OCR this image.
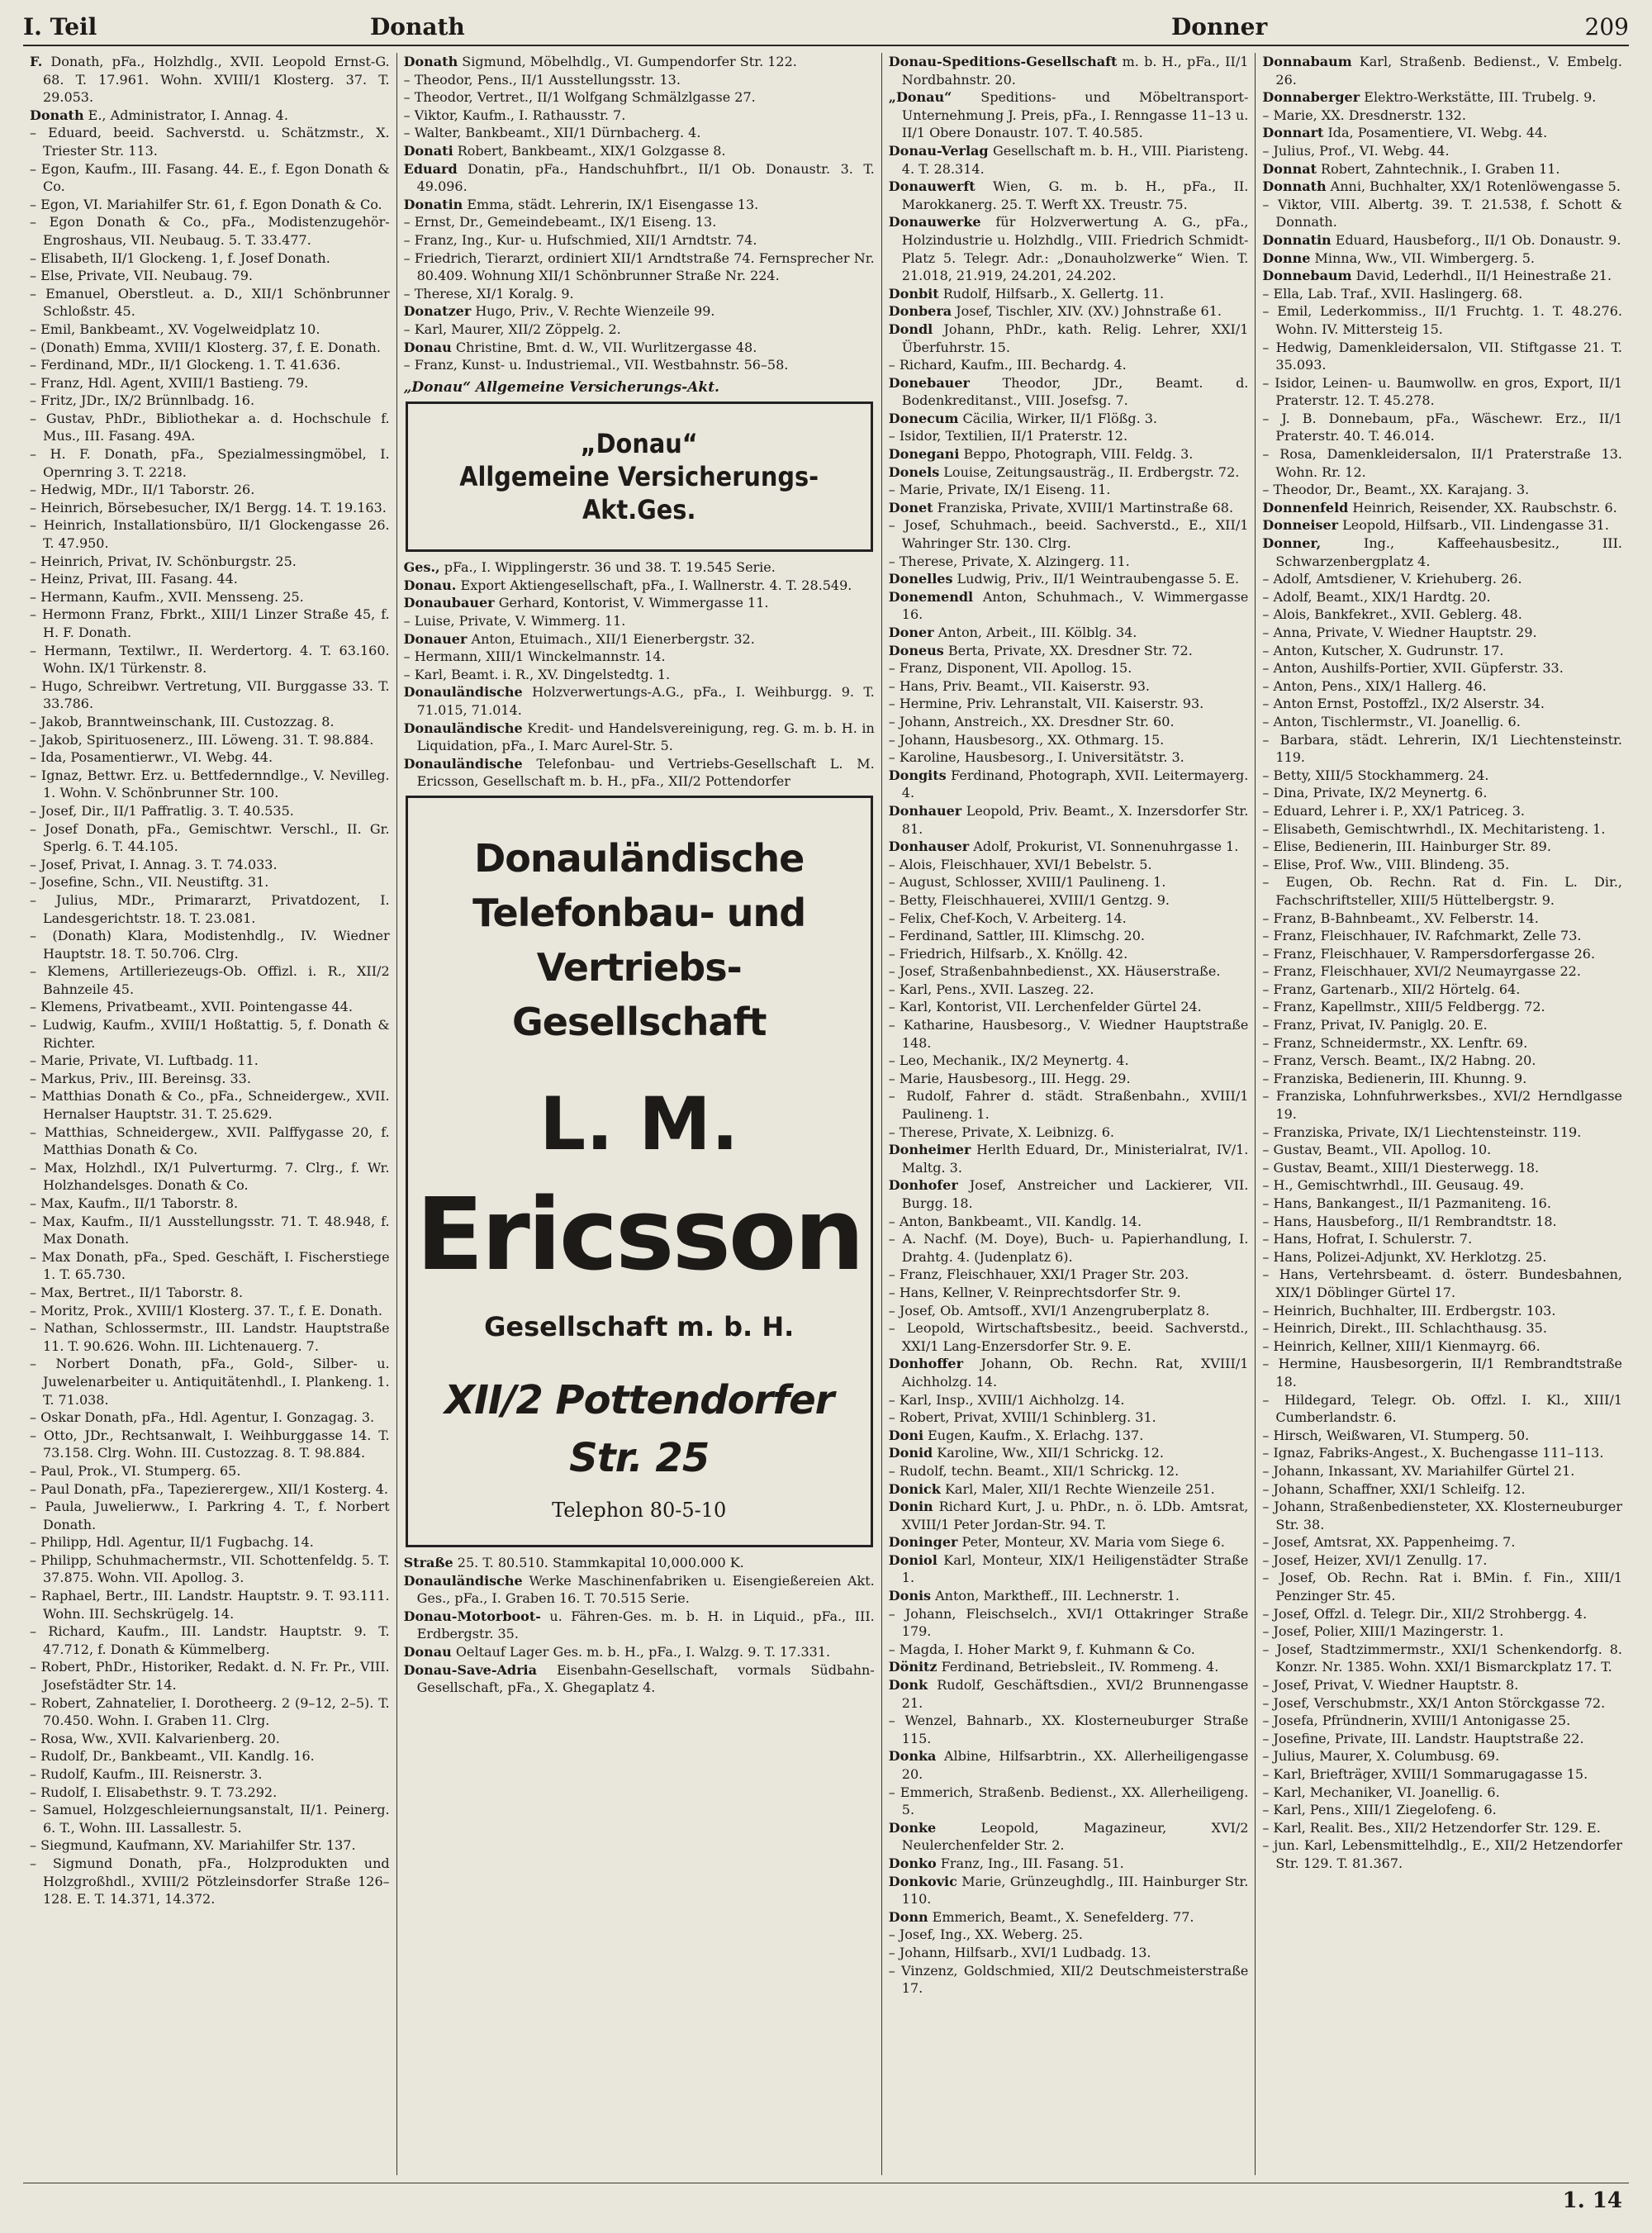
I. Teil	Donath	Donner	209

F. Donath, pFa., Holzhdlg., XVII. Leopold Ernst-G. 68. T. 17.961. Wohn. XVIII/1 Klosterg. 37. T. 29.053.

Donath E., Administrator, I. Annag. 4.

– Eduard, beeid. Sachverstd. u. Schätzmstr., X. Triester Str. 113.

– Egon, Kaufm., III. Fasang. 44. E., f. Egon Donath & Co.

– Egon, VI. Mariahilfer Str. 61, f. Egon Donath & Co.

– Egon Donath & Co., pFa., Modistenzugehör-Engroshaus, VII. Neubaug. 5. T. 33.477.

– Elisabeth, II/1 Glockeng. 1, f. Josef Donath.

– Else, Private, VII. Neubaug. 79.

– Emanuel, Oberstleut. a. D., XII/1 Schönbrunner Schloßstr. 45.

– Emil, Bankbeamt., XV. Vogelweidplatz 10.

– (Donath) Emma, XVIII/1 Klosterg. 37, f. E. Donath.

– Ferdinand, MDr., II/1 Glockeng. 1. T. 41.636.

– Franz, Hdl. Agent, XVIII/1 Bastieng. 79.

– Fritz, JDr., IX/2 Brünnlbadg. 16.

– Gustav, PhDr., Bibliothekar a. d. Hochschule f. Mus., III. Fasang. 49A.

– H. F. Donath, pFa., Spezialmessingmöbel, I. Opernring 3. T. 2218.

– Hedwig, MDr., II/1 Taborstr. 26.

– Heinrich, Börsebesucher, IX/1 Bergg. 14. T. 19.163.

– Heinrich, Installationsbüro, II/1 Glockengasse 26. T. 47.950.

– Heinrich, Privat, IV. Schönburgstr. 25.

– Heinz, Privat, III. Fasang. 44.

– Hermann, Kaufm., XVII. Mensseng. 25.

– Hermonn Franz, Fbrkt., XIII/1 Linzer Straße 45, f. H. F. Donath.

– Hermann, Textilwr., II. Werdertorg. 4. T. 63.160. Wohn. IX/1 Türkenstr. 8.

– Hugo, Schreibwr. Vertretung, VII. Burggasse 33. T. 33.786.

– Jakob, Branntweinschank, III. Custozzag. 8.

– Jakob, Spirituosenerz., III. Löweng. 31. T. 98.884.

– Ida, Posamentierwr., VI. Webg. 44.

– Ignaz, Bettwr. Erz. u. Bettfedernndlge., V. Nevilleg. 1. Wohn. V. Schönbrunner Str. 100.

– Josef, Dir., II/1 Paffratlig. 3. T. 40.535.

– Josef Donath, pFa., Gemischtwr. Verschl., II. Gr. Sperlg. 6. T. 44.105.

– Josef, Privat, I. Annag. 3. T. 74.033.

– Josefine, Schn., VII. Neustiftg. 31.

– Julius, MDr., Primararzt, Privatdozent, I. Landesgerichtstr. 18. T. 23.081.

– (Donath) Klara, Modistenhdlg., IV. Wiedner Hauptstr. 18. T. 50.706. Clrg.

– Klemens, Artilleriezeugs-Ob. Offizl. i. R., XII/2 Bahnzeile 45.

– Klemens, Privatbeamt., XVII. Pointengasse 44.

– Ludwig, Kaufm., XVIII/1 Hoßtattig. 5, f. Donath & Richter.

– Marie, Private, VI. Luftbadg. 11.

– Markus, Priv., III. Bereinsg. 33.

– Matthias Donath & Co., pFa., Schneidergew., XVII. Hernalser Hauptstr. 31. T. 25.629.

– Matthias, Schneidergew., XVII. Palffygasse 20, f. Matthias Donath & Co.

– Max, Holzhdl., IX/1 Pulverturmg. 7. Clrg., f. Wr. Holzhandelsges. Donath & Co.

– Max, Kaufm., II/1 Taborstr. 8.

– Max, Kaufm., II/1 Ausstellungsstr. 71. T. 48.948, f. Max Donath.

– Max Donath, pFa., Sped. Geschäft, I. Fischerstiege 1. T. 65.730.

– Max, Bertret., II/1 Taborstr. 8.

– Moritz, Prok., XVIII/1 Klosterg. 37. T., f. E. Donath.

– Nathan, Schlossermstr., III. Landstr. Hauptstraße 11. T. 90.626. Wohn. III. Lichtenauerg. 7.

– Norbert Donath, pFa., Gold-, Silber- u. Juwelenarbeiter u. Antiquitätenhdl., I. Plankeng. 1. T. 71.038.

– Oskar Donath, pFa., Hdl. Agentur, I. Gonzagag. 3.

– Otto, JDr., Rechtsanwalt, I. Weihburggasse 14. T. 73.158. Clrg. Wohn. III. Custozzag. 8. T. 98.884.

– Paul, Prok., VI. Stumperg. 65.

– Paul Donath, pFa., Tapezierergew., XII/1 Kosterg. 4.

– Paula, Juwelierww., I. Parkring 4. T., f. Norbert Donath.

– Philipp, Hdl. Agentur, II/1 Fugbachg. 14.

– Philipp, Schuhmachermstr., VII. Schottenfeldg. 5. T. 37.875. Wohn. VII. Apollog. 3.

– Raphael, Bertr., III. Landstr. Hauptstr. 9. T. 93.111. Wohn. III. Sechskrügelg. 14.

– Richard, Kaufm., III. Landstr. Hauptstr. 9. T. 47.712, f. Donath & Kümmelberg.

– Robert, PhDr., Historiker, Redakt. d. N. Fr. Pr., VIII. Josefstädter Str. 14.

– Robert, Zahnatelier, I. Dorotheerg. 2 (9–12, 2–5). T. 70.450. Wohn. I. Graben 11. Clrg.

– Rosa, Ww., XVII. Kalvarienberg. 20.

– Rudolf, Dr., Bankbeamt., VII. Kandlg. 16.

– Rudolf, Kaufm., III. Reisnerstr. 3.

– Rudolf, I. Elisabethstr. 9. T. 73.292.

– Samuel, Holzgeschleiernungsanstalt, II/1. Peinerg. 6. T., Wohn. III. Lassallestr. 5.

– Siegmund, Kaufmann, XV. Mariahilfer Str. 137.

– Sigmund Donath, pFa., Holzprodukten und Holzgroßhdl., XVIII/2 Pötzleinsdorfer Straße 126–128. E. T. 14.371, 14.372.

Donath Sigmund, Möbelhdlg., VI. Gumpendorfer Str. 122.

– Theodor, Pens., II/1 Ausstellungsstr. 13.

– Theodor, Vertret., II/1 Wolfgang Schmälzlgasse 27.

– Viktor, Kaufm., I. Rathausstr. 7.

– Walter, Bankbeamt., XII/1 Dürnbacherg. 4.

Donati Robert, Bankbeamt., XIX/1 Golzgasse 8.

Eduard Donatin, pFa., Handschuhfbrt., II/1 Ob. Donaustr. 3. T. 49.096.

Donatin Emma, städt. Lehrerin, IX/1 Eisengasse 13.

– Ernst, Dr., Gemeindebeamt., IX/1 Eiseng. 13.

– Franz, Ing., Kur- u. Hufschmied, XII/1 Arndtstr. 74.

– Friedrich, Tierarzt, ordiniert XII/1 Arndtstraße 74. Fernsprecher Nr. 80.409. Wohnung XII/1 Schönbrunner Straße Nr. 224.

– Therese, XI/1 Koralg. 9.

Donatzer Hugo, Priv., V. Rechte Wienzeile 99.

– Karl, Maurer, XII/2 Zöppelg. 2.

Donau Christine, Bmt. d. W., VII. Wurlitzergasse 48.

– Franz, Kunst- u. Industriemal., VII. Westbahnstr. 56–58.

„Donau“ Allgemeine Versicherungs-Akt.
„Donau“
Allgemeine Versicherungs-
Akt.Ges.

Ges., pFa., I. Wipplingerstr. 36 und 38. T. 19.545 Serie.

Donau. Export Aktiengesellschaft, pFa., I. Wallnerstr. 4. T. 28.549.

Donaubauer Gerhard, Kontorist, V. Wimmergasse 11.

– Luise, Private, V. Wimmerg. 11.

Donauer Anton, Etuimach., XII/1 Eienerbergstr. 32.

– Hermann, XIII/1 Winckelmannstr. 14.

– Karl, Beamt. i. R., XV. Dingelstedtg. 1.

Donauländische Holzverwertungs-A.G., pFa., I. Weihburgg. 9. T. 71.015, 71.014.

Donauländische Kredit- und Handelsvereinigung, reg. G. m. b. H. in Liquidation, pFa., I. Marc Aurel-Str. 5.

Donauländische Telefonbau- und Vertriebs-Gesellschaft L. M. Ericsson, Gesellschaft m. b. H., pFa., XII/2 Pottendorfer

Donauländische
Telefonbau- und
Vertriebs-Gesellschaft
L. M.
Ericsson
Gesellschaft m. b. H.
XII/2 Pottendorfer Str. 25
Telephon 80-5-10

Straße 25. T. 80.510. Stammkapital 10,000.000 K.

Donauländische Werke Maschinenfabriken u. Eisengießereien Akt. Ges., pFa., I. Graben 16. T. 70.515 Serie.

Donau-Motorboot- u. Fähren-Ges. m. b. H. in Liquid., pFa., III. Erdbergstr. 35.

Donau Oeltauf Lager Ges. m. b. H., pFa., I. Walzg. 9. T. 17.331.

Donau-Save-Adria Eisenbahn-Gesellschaft, vormals Südbahn-Gesellschaft, pFa., X. Ghegaplatz 4.

Donau-Speditions-Gesellschaft m. b. H., pFa., II/1 Nordbahnstr. 20.

„Donau“ Speditions- und Möbeltransport-Unternehmung J. Preis, pFa., I. Renngasse 11–13 u. II/1 Obere Donaustr. 107. T. 40.585.

Donau-Verlag Gesellschaft m. b. H., VIII. Piaristeng. 4. T. 28.314.

Donauwerft Wien, G. m. b. H., pFa., II. Marokkanerg. 25. T. Werft XX. Treustr. 75.

Donauwerke für Holzverwertung A. G., pFa., Holzindustrie u. Holzhdlg., VIII. Friedrich Schmidt-Platz 5. Telegr. Adr.: „Donauholzwerke“ Wien. T. 21.018, 21.919, 24.201, 24.202.

Donbit Rudolf, Hilfsarb., X. Gellertg. 11.

Donbera Josef, Tischler, XIV. (XV.) Johnstraße 61.

Dondl Johann, PhDr., kath. Relig. Lehrer, XXI/1 Überfuhrstr. 15.

– Richard, Kaufm., III. Bechardg. 4.

Donebauer Theodor, JDr., Beamt. d. Bodenkreditanst., VIII. Josefsg. 7.

Donecum Cäcilia, Wirker, II/1 Flößg. 3.

– Isidor, Textilien, II/1 Praterstr. 12.

Donegani Beppo, Photograph, VIII. Feldg. 3.

Donels Louise, Zeitungsausträg., II. Erdbergstr. 72.

– Marie, Private, IX/1 Eiseng. 11.

Donet Franziska, Private, XVIII/1 Martinstraße 68.

– Josef, Schuhmach., beeid. Sachverstd., E., XII/1 Wahringer Str. 130. Clrg.

– Therese, Private, X. Alzingerg. 11.

Donelles Ludwig, Priv., II/1 Weintraubengasse 5. E.

Donemendl Anton, Schuhmach., V. Wimmergasse 16.

Doner Anton, Arbeit., III. Kölblg. 34.

Doneus Berta, Private, XX. Dresdner Str. 72.

– Franz, Disponent, VII. Apollog. 15.

– Hans, Priv. Beamt., VII. Kaiserstr. 93.

– Hermine, Priv. Lehranstalt, VII. Kaiserstr. 93.

– Johann, Anstreich., XX. Dresdner Str. 60.

– Johann, Hausbesorg., XX. Othmarg. 15.

– Karoline, Hausbesorg., I. Universitätstr. 3.

Dongits Ferdinand, Photograph, XVII. Leitermayerg. 4.

Donhauer Leopold, Priv. Beamt., X. Inzersdorfer Str. 81.

Donhauser Adolf, Prokurist, VI. Sonnenuhrgasse 1.

– Alois, Fleischhauer, XVI/1 Bebelstr. 5.

– August, Schlosser, XVIII/1 Paulineng. 1.

– Betty, Fleischhauerei, XVIII/1 Gentzg. 9.

– Felix, Chef-Koch, V. Arbeiterg. 14.

– Ferdinand, Sattler, III. Klimschg. 20.

– Friedrich, Hilfsarb., X. Knöllg. 42.

– Josef, Straßenbahnbedienst., XX. Häuserstraße.

– Karl, Pens., XVII. Laszeg. 22.

– Karl, Kontorist, VII. Lerchenfelder Gürtel 24.

– Katharine, Hausbesorg., V. Wiedner Hauptstraße 148.

– Leo, Mechanik., IX/2 Meynertg. 4.

– Marie, Hausbesorg., III. Hegg. 29.

– Rudolf, Fahrer d. städt. Straßenbahn., XVIII/1 Paulineng. 1.

– Therese, Private, X. Leibnizg. 6.

Donheimer Herlth Eduard, Dr., Ministerialrat, IV/1. Maltg. 3.

Donhofer Josef, Anstreicher und Lackierer, VII. Burgg. 18.

– Anton, Bankbeamt., VII. Kandlg. 14.

– A. Nachf. (M. Doye), Buch- u. Papierhandlung, I. Drahtg. 4. (Judenplatz 6).

– Franz, Fleischhauer, XXI/1 Prager Str. 203.

– Hans, Kellner, V. Reinprechtsdorfer Str. 9.

– Josef, Ob. Amtsoff., XVI/1 Anzengruberplatz 8.

– Leopold, Wirtschaftsbesitz., beeid. Sachverstd., XXI/1 Lang-Enzersdorfer Str. 9. E.

Donhoffer Johann, Ob. Rechn. Rat, XVIII/1 Aichholzg. 14.

– Karl, Insp., XVIII/1 Aichholzg. 14.

– Robert, Privat, XVIII/1 Schinblerg. 31.

Doni Eugen, Kaufm., X. Erlachg. 137.

Donid Karoline, Ww., XII/1 Schrickg. 12.

– Rudolf, techn. Beamt., XII/1 Schrickg. 12.

Donick Karl, Maler, XII/1 Rechte Wienzeile 251.

Donin Richard Kurt, J. u. PhDr., n. ö. LDb. Amtsrat, XVIII/1 Peter Jordan-Str. 94. T.

Doninger Peter, Monteur, XV. Maria vom Siege 6.

Doniol Karl, Monteur, XIX/1 Heiligenstädter Straße 1.

Donis Anton, Marktheff., III. Lechnerstr. 1.

– Johann, Fleischselch., XVI/1 Ottakringer Straße 179.

– Magda, I. Hoher Markt 9, f. Kuhmann & Co.

Dönitz Ferdinand, Betriebsleit., IV. Rommeng. 4.

Donk Rudolf, Geschäftsdien., XVI/2 Brunnengasse 21.

– Wenzel, Bahnarb., XX. Klosterneuburger Straße 115.

Donka Albine, Hilfsarbtrin., XX. Allerheiligengasse 20.

– Emmerich, Straßenb. Bedienst., XX. Allerheiligeng. 5.

Donke Leopold, Magazineur, XVI/2 Neulerchenfelder Str. 2.

Donko Franz, Ing., III. Fasang. 51.

Donkovic Marie, Grünzeughdlg., III. Hainburger Str. 110.

Donn Emmerich, Beamt., X. Senefelderg. 77.

– Josef, Ing., XX. Weberg. 25.

– Johann, Hilfsarb., XVI/1 Ludbadg. 13.

– Vinzenz, Goldschmied, XII/2 Deutschmeisterstraße 17.

Donnabaum Karl, Straßenb. Bedienst., V. Embelg. 26.

Donnaberger Elektro-Werkstätte, III. Trubelg. 9.

– Marie, XX. Dresdnerstr. 132.

Donnart Ida, Posamentiere, VI. Webg. 44.

– Julius, Prof., VI. Webg. 44.

Donnat Robert, Zahntechnik., I. Graben 11.

Donnath Anni, Buchhalter, XX/1 Rotenlöwengasse 5.

– Viktor, VIII. Albertg. 39. T. 21.538, f. Schott & Donnath.

Donnatin Eduard, Hausbeforg., II/1 Ob. Donaustr. 9.

Donne Minna, Ww., VII. Wimbergerg. 5.

Donnebaum David, Lederhdl., II/1 Heinestraße 21.

– Ella, Lab. Traf., XVII. Haslingerg. 68.

– Emil, Lederkommiss., II/1 Fruchtg. 1. T. 48.276. Wohn. IV. Mittersteig 15.

– Hedwig, Damenkleidersalon, VII. Stiftgasse 21. T. 35.093.

– Isidor, Leinen- u. Baumwollw. en gros, Export, II/1 Praterstr. 12. T. 45.278.

– J. B. Donnebaum, pFa., Wäschewr. Erz., II/1 Praterstr. 40. T. 46.014.

– Rosa, Damenkleidersalon, II/1 Praterstraße 13. Wohn. Rr. 12.

– Theodor, Dr., Beamt., XX. Karajang. 3.

Donnenfeld Heinrich, Reisender, XX. Raubschstr. 6.

Donneiser Leopold, Hilfsarb., VII. Lindengasse 31.

Donner, Ing., Kaffeehausbesitz., III. Schwarzenbergplatz 4.

– Adolf, Amtsdiener, V. Kriehuberg. 26.

– Adolf, Beamt., XIX/1 Hardtg. 20.

– Alois, Bankfekret., XVII. Geblerg. 48.

– Anna, Private, V. Wiedner Hauptstr. 29.

– Anton, Kutscher, X. Gudrunstr. 17.

– Anton, Aushilfs-Portier, XVII. Güpferstr. 33.

– Anton, Pens., XIX/1 Hallerg. 46.

– Anton Ernst, Postoffzl., IX/2 Alserstr. 34.

– Anton, Tischlermstr., VI. Joanellig. 6.

– Barbara, städt. Lehrerin, IX/1 Liechtensteinstr. 119.

– Betty, XIII/5 Stockhammerg. 24.

– Dina, Private, IX/2 Meynertg. 6.

– Eduard, Lehrer i. P., XX/1 Patriceg. 3.

– Elisabeth, Gemischtwrhdl., IX. Mechitaristeng. 1.

– Elise, Bedienerin, III. Hainburger Str. 89.

– Elise, Prof. Ww., VIII. Blindeng. 35.

– Eugen, Ob. Rechn. Rat d. Fin. L. Dir., Fachschriftsteller, XIII/5 Hüttelbergstr. 9.

– Franz, B-Bahnbeamt., XV. Felberstr. 14.

– Franz, Fleischhauer, IV. Rafchmarkt, Zelle 73.

– Franz, Fleischhauer, V. Rampersdorfergasse 26.

– Franz, Fleischhauer, XVI/2 Neumayrgasse 22.

– Franz, Gartenarb., XII/2 Hörtelg. 64.

– Franz, Kapellmstr., XIII/5 Feldbergg. 72.

– Franz, Privat, IV. Paniglg. 20. E.

– Franz, Schneidermstr., XX. Lenftr. 69.

– Franz, Versch. Beamt., IX/2 Habng. 20.

– Franziska, Bedienerin, III. Khunng. 9.

– Franziska, Lohnfuhrwerksbes., XVI/2 Herndlgasse 19.

– Franziska, Private, IX/1 Liechtensteinstr. 119.

– Gustav, Beamt., VII. Apollog. 10.

– Gustav, Beamt., XIII/1 Diesterwegg. 18.

– H., Gemischtwrhdl., III. Geusaug. 49.

– Hans, Bankangest., II/1 Pazmaniteng. 16.

– Hans, Hausbeforg., II/1 Rembrandtstr. 18.

– Hans, Hofrat, I. Schulerstr. 7.

– Hans, Polizei-Adjunkt, XV. Herklotzg. 25.

– Hans, Vertehrsbeamt. d. österr. Bundesbahnen, XIX/1 Döblinger Gürtel 17.

– Heinrich, Buchhalter, III. Erdbergstr. 103.

– Heinrich, Direkt., III. Schlachthausg. 35.

– Heinrich, Kellner, XIII/1 Kienmayrg. 66.

– Hermine, Hausbesorgerin, II/1 Rembrandtstraße 18.

– Hildegard, Telegr. Ob. Offzl. I. Kl., XIII/1 Cumberlandstr. 6.

– Hirsch, Weißwaren, VI. Stumperg. 50.

– Ignaz, Fabriks-Angest., X. Buchengasse 111–113.

– Johann, Inkassant, XV. Mariahilfer Gürtel 21.

– Johann, Schaffner, XXI/1 Schleifg. 12.

– Johann, Straßenbediensteter, XX. Klosterneuburger Str. 38.

– Josef, Amtsrat, XX. Pappenheimg. 7.

– Josef, Heizer, XVI/1 Zenullg. 17.

– Josef, Ob. Rechn. Rat i. BMin. f. Fin., XIII/1 Penzinger Str. 45.

– Josef, Offzl. d. Telegr. Dir., XII/2 Strohbergg. 4.

– Josef, Polier, XIII/1 Mazingerstr. 1.

– Josef, Stadtzimmermstr., XXI/1 Schenkendorfg. 8. Konzr. Nr. 1385. Wohn. XXI/1 Bismarckplatz 17. T.

– Josef, Privat, V. Wiedner Hauptstr. 8.

– Josef, Verschubmstr., XX/1 Anton Störckgasse 72.

– Josefa, Pfründnerin, XVIII/1 Antonigasse 25.

– Josefine, Private, III. Landstr. Hauptstraße 22.

– Julius, Maurer, X. Columbusg. 69.

– Karl, Briefträger, XVIII/1 Sommarugagasse 15.

– Karl, Mechaniker, VI. Joanellig. 6.

– Karl, Pens., XIII/1 Ziegelofeng. 6.

– Karl, Realit. Bes., XII/2 Hetzendorfer Str. 129. E.

– jun. Karl, Lebensmittelhdlg., E., XII/2 Hetzendorfer Str. 129. T. 81.367.

1. 14
